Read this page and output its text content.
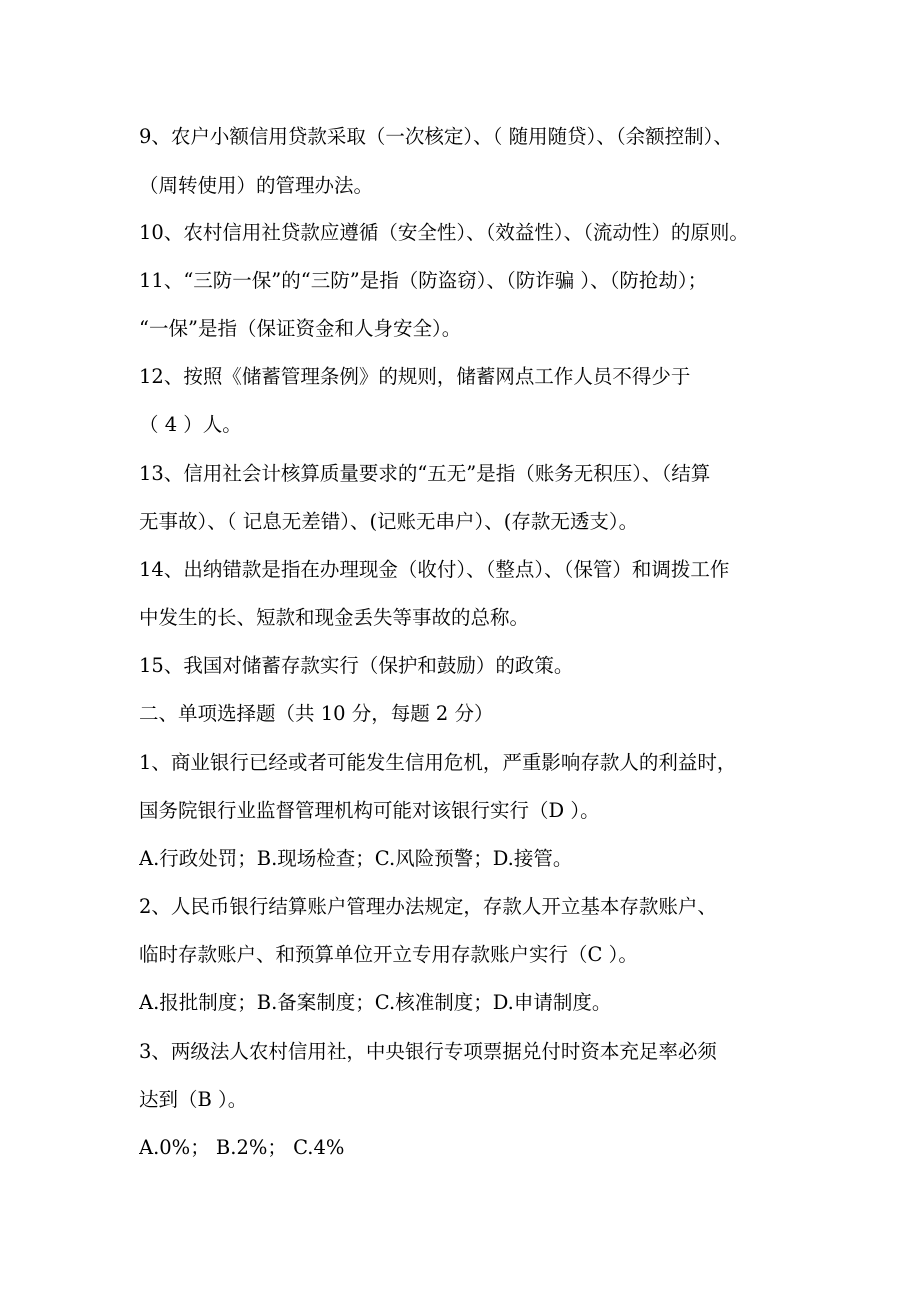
9、农户小额信用贷款采取（一次核定）、（ 随用随贷）、（余额控制）、
（周转使用）的管理办法。
10、农村信用社贷款应遵循（安全性）、（效益性）、（流动性）的原则。
11、“三防一保”的“三防”是指（防盗窃）、（防诈骗 ）、（防抢劫）；
“一保”是指（保证资金和人身安全）。
12、按照《储蓄管理条例》的规则，储蓄网点工作人员不得少于
（ 4 ）人。
13、信用社会计核算质量要求的“五无”是指（账务无积压）、（结算
无事故）、（ 记息无差错）、(记账无串户）、(存款无透支）。
14、出纳错款是指在办理现金（收付）、（整点）、（保管）和调拨工作
中发生的长、短款和现金丢失等事故的总称。
15、我国对储蓄存款实行（保护和鼓励）的政策。
二、单项选择题（共 10 分，每题 2 分）
1、商业银行已经或者可能发生信用危机，严重影响存款人的利益时，
国务院银行业监督管理机构可能对该银行实行（D ）。
A.行政处罚；B.现场检查；C.风险预警；D.接管。
2、人民币银行结算账户管理办法规定，存款人开立基本存款账户、
临时存款账户、和预算单位开立专用存款账户实行（C ）。
A.报批制度；B.备案制度；C.核准制度；D.申请制度。
3、两级法人农村信用社，中央银行专项票据兑付时资本充足率必须
达到（B ）。
A.0%； B.2%； C.4%
